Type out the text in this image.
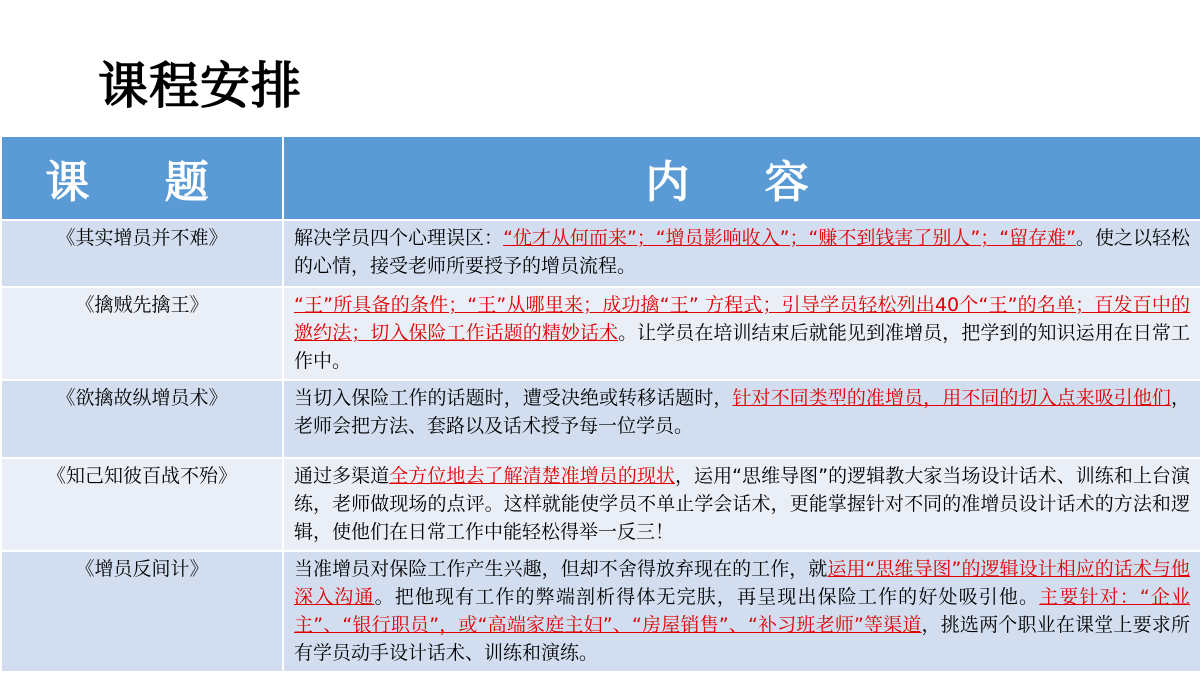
课程安排
课 题	内 容
《其实增员并不难》	解决学员四个心理误区：“优才从何而来”；“增员影响收入”；“赚不到钱害了别人”；“留存难”。使之以轻松的心情，接受老师所要授予的增员流程。
《擒贼先擒王》	“王”所具备的条件；“王”从哪里来；成功擒“王” 方程式；引导学员轻松列出40个“王”的名单；百发百中的邀约法；切入保险工作话题的精妙话术。让学员在培训结束后就能见到准增员，把学到的知识运用在日常工作中。
《欲擒故纵增员术》	当切入保险工作的话题时，遭受决绝或转移话题时，针对不同类型的准增员，用不同的切入点来吸引他们，老师会把方法、套路以及话术授予每一位学员。
《知己知彼百战不殆》	通过多渠道全方位地去了解清楚准增员的现状，运用“思维导图”的逻辑教大家当场设计话术、训练和上台演练，老师做现场的点评。这样就能使学员不单止学会话术，更能掌握针对不同的准增员设计话术的方法和逻辑，使他们在日常工作中能轻松得举一反三！
《增员反间计》	当准增员对保险工作产生兴趣，但却不舍得放弃现在的工作，就运用“思维导图”的逻辑设计相应的话术与他深入沟通。把他现有工作的弊端剖析得体无完肤，再呈现出保险工作的好处吸引他。主要针对：“企业主”、“银行职员”，或“高端家庭主妇”、“房屋销售”、“补习班老师”等渠道，挑选两个职业在课堂上要求所有学员动手设计话术、训练和演练。
